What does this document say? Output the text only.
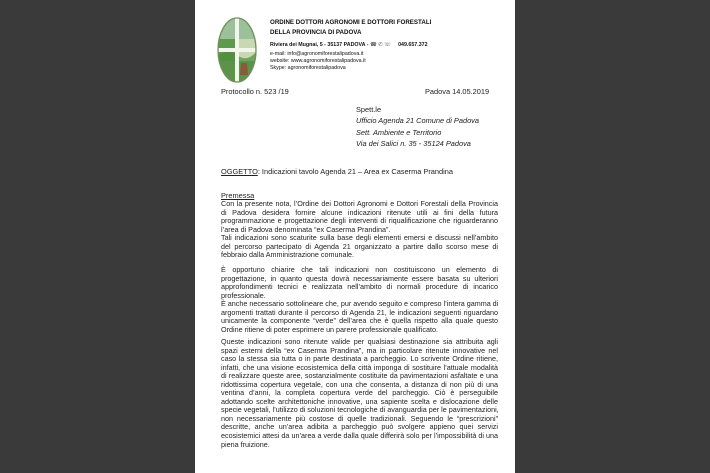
ORDINE DOTTORI AGRONOMI E DOTTORI FORESTALI
DELLA PROVINCIA DI PADOVA
Riviera dei Mugnai, 5 - 35137 PADOVA - ☎ ✆ ☏ 049.657.372
e-mail: info@agronomiforestalipadova.it
website: www.agronomiforestalipadova.it
Skype: agronomiforestalipadova
Protocollo n. 523 /19	Padova 14.05.2019
Spett.le
Ufficio Agenda 21 Comune di Padova
Sett. Ambiente e Territorio
Via dei Salici n. 35 - 35124 Padova
OGGETTO: Indicazioni tavolo Agenda 21 – Area ex Caserma Prandina
Premessa

Con la presente nota, l’Ordine dei Dottori Agronomi e Dottori Forestali della Provincia

di Padova desidera fornire alcune indicazioni ritenute utili ai fini della futura

programmazione e progettazione degli interventi di riqualificazione che riguarderanno

l’area di Padova denominata “ex Caserma Prandina”.

Tali indicazioni sono scaturite sulla base degli elementi emersi e discussi nell’ambito

del percorso partecipato di Agenda 21 organizzato a partire dallo scorso mese di

febbraio dalla Amministrazione comunale.

È opportuno chiarire che tali indicazioni non costituiscono un elemento di

progettazione, in quanto questa dovrà necessariamente essere basata su ulteriori

approfondimenti tecnici e realizzata nell’ambito di normali procedure di incarico

professionale.

È anche necessario sottolineare che, pur avendo seguito e compreso l’intera gamma di

argomenti trattati durante il percorso di Agenda 21, le indicazioni seguenti riguardano

unicamente la componente “verde” dell’area che è quella rispetto alla quale questo

Ordine ritiene di poter esprimere un parere professionale qualificato.

Queste indicazioni sono ritenute valide per qualsiasi destinazione sia attribuita agli

spazi esterni della “ex Caserma Prandina”, ma in particolare ritenute innovative nel

caso la stessa sia tutta o in parte destinata a parcheggio. Lo scrivente Ordine ritiene,

infatti, che una visione ecosistemica della città imponga di sostituire l’attuale modalità

di realizzare queste aree, sostanzialmente costituite da pavimentazioni asfaltate e una

ridottissima copertura vegetale, con una che consenta, a distanza di non più di una

ventina d’anni, la completa copertura verde del parcheggio. Ciò è perseguibile

adottando scelte architettoniche innovative, una sapiente scelta e dislocazione delle

specie vegetali, l’utilizzo di soluzioni tecnologiche di avanguardia per le pavimentazioni,

non necessariamente più costose di quelle tradizionali. Seguendo le “prescrizioni”

descritte, anche un’area adibita a parcheggio può svolgere appieno quei servizi

ecosistemici attesi da un’area a verde dalla quale differirà solo per l’impossibilità di una

piena fruizione.
